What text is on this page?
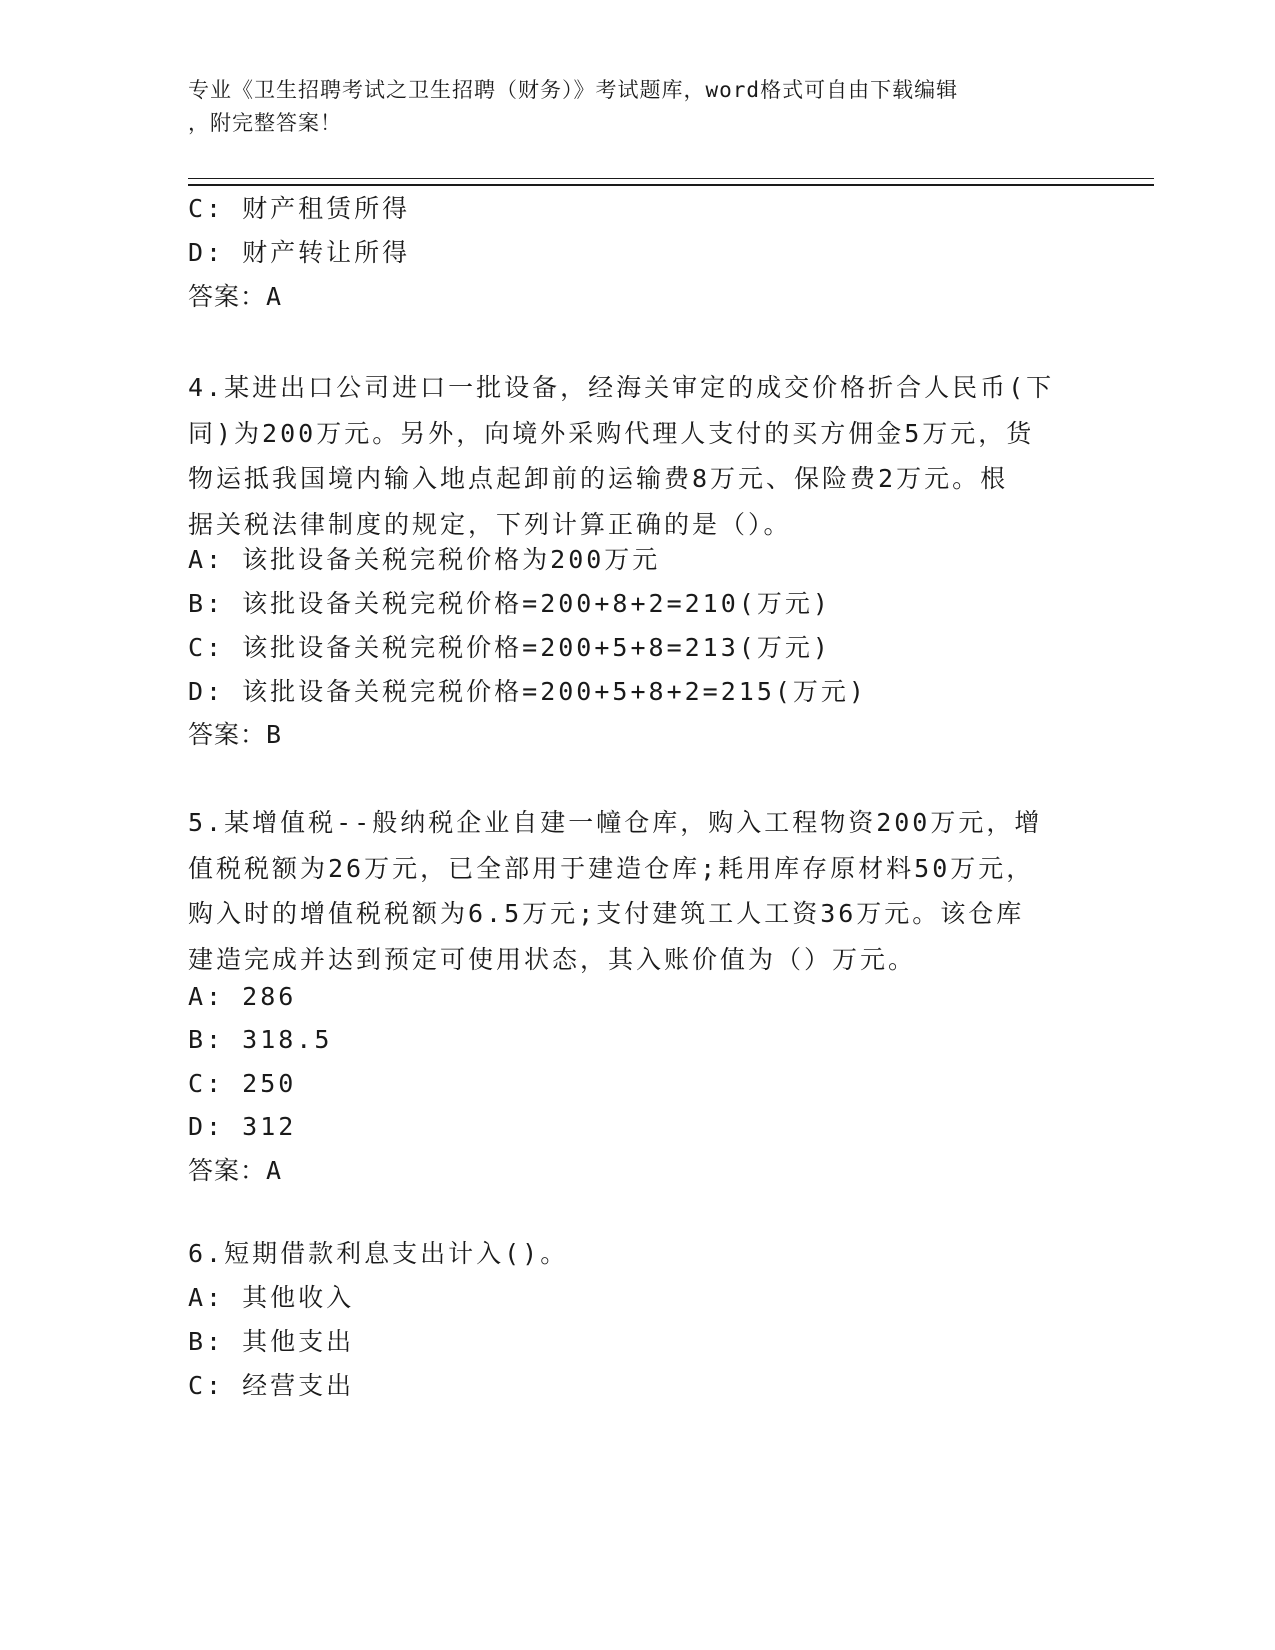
专业《卫生招聘考试之卫生招聘（财务）》考试题库，word格式可自由下载编辑
，附完整答案！
C: 财产租赁所得
D: 财产转让所得
答案：A
4.某进出口公司进口一批设备，经海关审定的成交价格折合人民币(下
同)为200万元。另外，向境外采购代理人支付的买方佣金5万元，货
物运抵我国境内输入地点起卸前的运输费8万元、保险费2万元。根
据关税法律制度的规定，下列计算正确的是（）。
A: 该批设备关税完税价格为200万元
B: 该批设备关税完税价格=200+8+2=210(万元)
C: 该批设备关税完税价格=200+5+8=213(万元)
D: 该批设备关税完税价格=200+5+8+2=215(万元)
答案：B
5.某增值税--般纳税企业自建一幢仓库，购入工程物资200万元，增
值税税额为26万元，已全部用于建造仓库;耗用库存原材料50万元，
购入时的增值税税额为6.5万元;支付建筑工人工资36万元。该仓库
建造完成并达到预定可使用状态，其入账价值为（）万元。
A: 286
B: 318.5
C: 250
D: 312
答案：A
6.短期借款利息支出计入()。
A: 其他收入
B: 其他支出
C: 经营支出
